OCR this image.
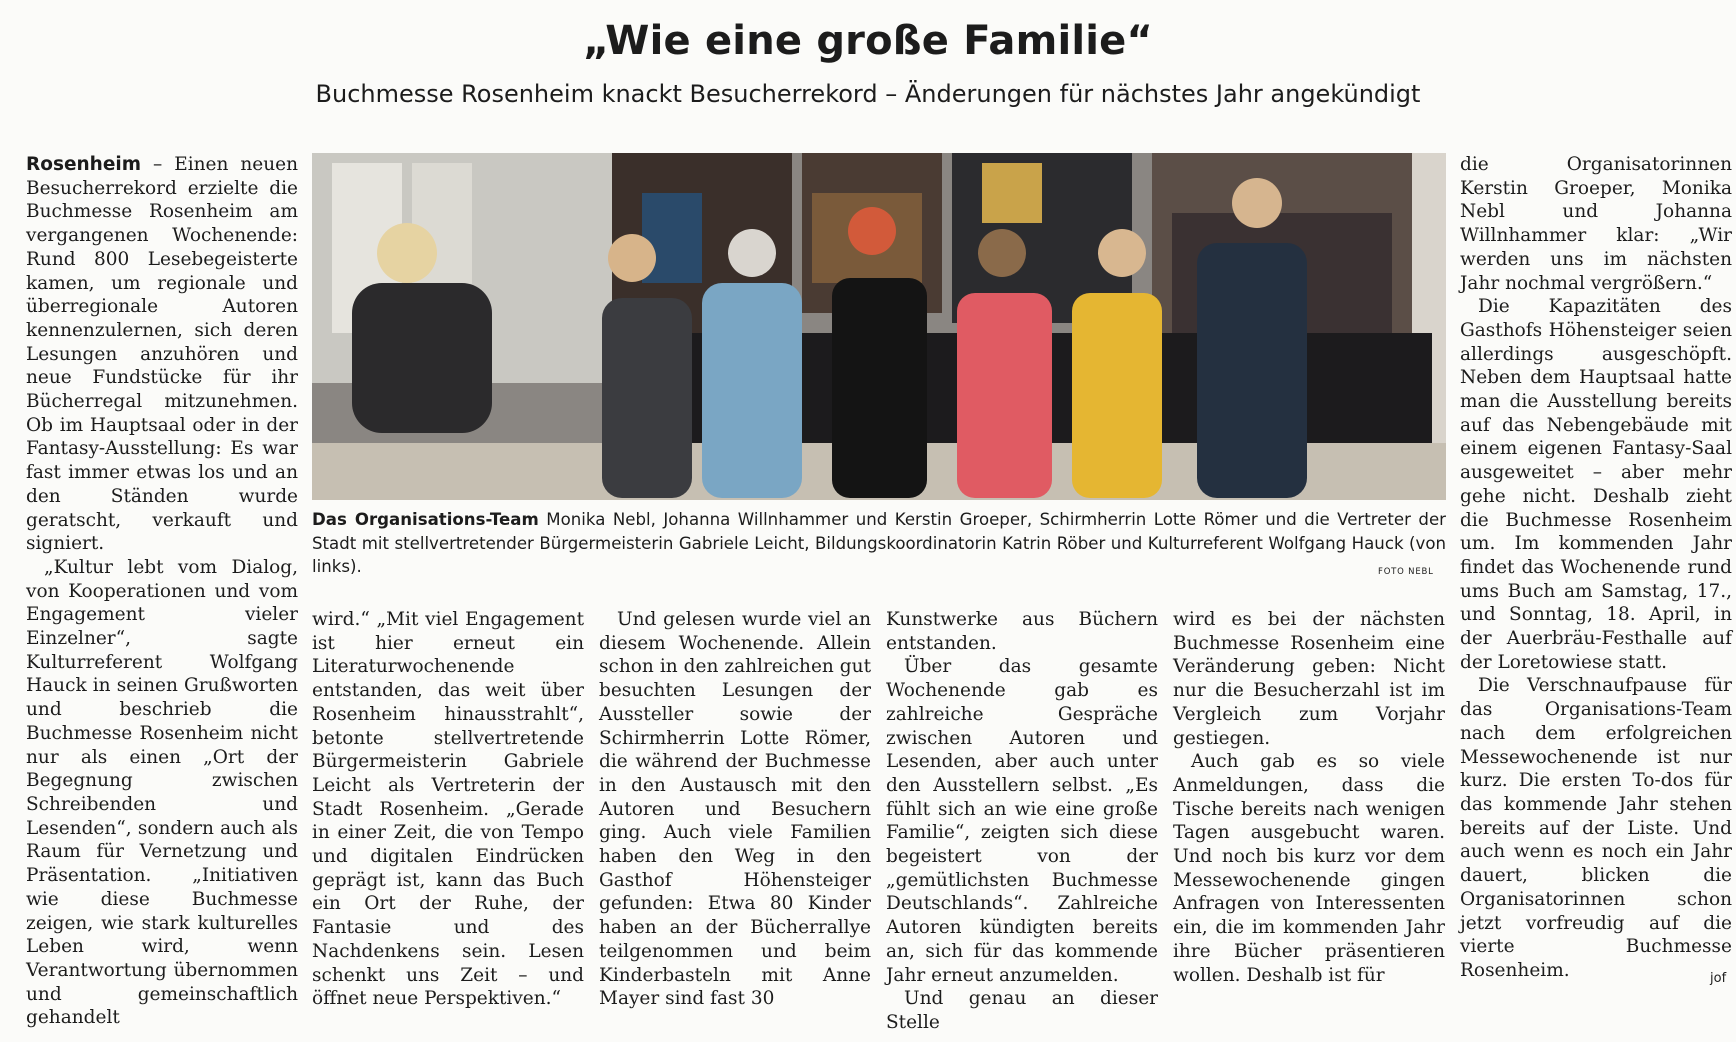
„Wie eine große Familie“

Buchmesse Rosenheim knackt Besucherrekord – Änderungen für nächstes Jahr angekündigt

Rosenheim – Einen neuen Besucherrekord erzielte die Buchmesse Rosenheim am vergangenen Wochenende: Rund 800 Lesebegeisterte kamen, um regionale und überregionale Autoren kennenzulernen, sich deren Lesungen anzuhören und neue Fundstücke für ihr Bücherregal mitzunehmen. Ob im Hauptsaal oder in der Fantasy-Ausstellung: Es war fast immer etwas los und an den Ständen wurde geratscht, verkauft und signiert.

„Kultur lebt vom Dialog, von Kooperationen und vom Engagement vieler Einzelner“, sagte Kulturreferent Wolfgang Hauck in seinen Grußworten und beschrieb die Buchmesse Rosenheim nicht nur als einen „Ort der Begegnung zwischen Schreibenden und Lesenden“, sondern auch als Raum für Vernetzung und Präsentation. „Initiativen wie diese Buchmesse zeigen, wie stark kulturelles Leben wird, wenn Verantwortung übernommen und gemeinschaftlich gehandelt

Das Organisations-Team Monika Nebl, Johanna Willnhammer und Kerstin Groeper, Schirmherrin Lotte Römer und die Vertreter der Stadt mit stellvertretender Bürgermeisterin Gabriele Leicht, Bildungskoordinatorin Katrin Röber und Kulturreferent Wolfgang Hauck (von links).	FOTO NEBL

wird.“ „Mit viel Engagement ist hier erneut ein Literaturwochenende entstanden, das weit über Rosenheim hinausstrahlt“, betonte stellvertretende Bürgermeisterin Gabriele Leicht als Vertreterin der Stadt Rosenheim. „Gerade in einer Zeit, die von Tempo und digitalen Eindrücken geprägt ist, kann das Buch ein Ort der Ruhe, der Fantasie und des Nachdenkens sein. Lesen schenkt uns Zeit – und öffnet neue Perspektiven.“

Und gelesen wurde viel an diesem Wochenende. Allein schon in den zahlreichen gut besuchten Lesungen der Aussteller sowie der Schirmherrin Lotte Römer, die während der Buchmesse in den Austausch mit den Autoren und Besuchern ging. Auch viele Familien haben den Weg in den Gasthof Höhensteiger gefunden: Etwa 80 Kinder haben an der Bücherrallye teilgenommen und beim Kinderbasteln mit Anne Mayer sind fast 30

Kunstwerke aus Büchern entstanden.

Über das gesamte Wochenende gab es zahlreiche Gespräche zwischen Autoren und Lesenden, aber auch unter den Ausstellern selbst. „Es fühlt sich an wie eine große Familie“, zeigten sich diese begeistert von der „gemütlichsten Buchmesse Deutschlands“. Zahlreiche Autoren kündigten bereits an, sich für das kommende Jahr erneut anzumelden.

Und genau an dieser Stelle

wird es bei der nächsten Buchmesse Rosenheim eine Veränderung geben: Nicht nur die Besucherzahl ist im Vergleich zum Vorjahr gestiegen.

Auch gab es so viele Anmeldungen, dass die Tische bereits nach wenigen Tagen ausgebucht waren. Und noch bis kurz vor dem Messewochenende gingen Anfragen von Interessenten ein, die im kommenden Jahr ihre Bücher präsentieren wollen. Deshalb ist für

die Organisatorinnen Kerstin Groeper, Monika Nebl und Johanna Willnhammer klar: „Wir werden uns im nächsten Jahr nochmal vergrößern.“

Die Kapazitäten des Gasthofs Höhensteiger seien allerdings ausgeschöpft. Neben dem Hauptsaal hatte man die Ausstellung bereits auf das Nebengebäude mit einem eigenen Fantasy-Saal ausgeweitet – aber mehr gehe nicht. Deshalb zieht die Buchmesse Rosenheim um. Im kommenden Jahr findet das Wochenende rund ums Buch am Samstag, 17., und Sonntag, 18. April, in der Auerbräu-Festhalle auf der Loretowiese statt.

Die Verschnaufpause für das Organisations-Team nach dem erfolgreichen Messewochenende ist nur kurz. Die ersten To-dos für das kommende Jahr stehen bereits auf der Liste. Und auch wenn es noch ein Jahr dauert, blicken die Organisatorinnen schon jetzt vorfreudig auf die vierte Buchmesse Rosenheim.	jof
